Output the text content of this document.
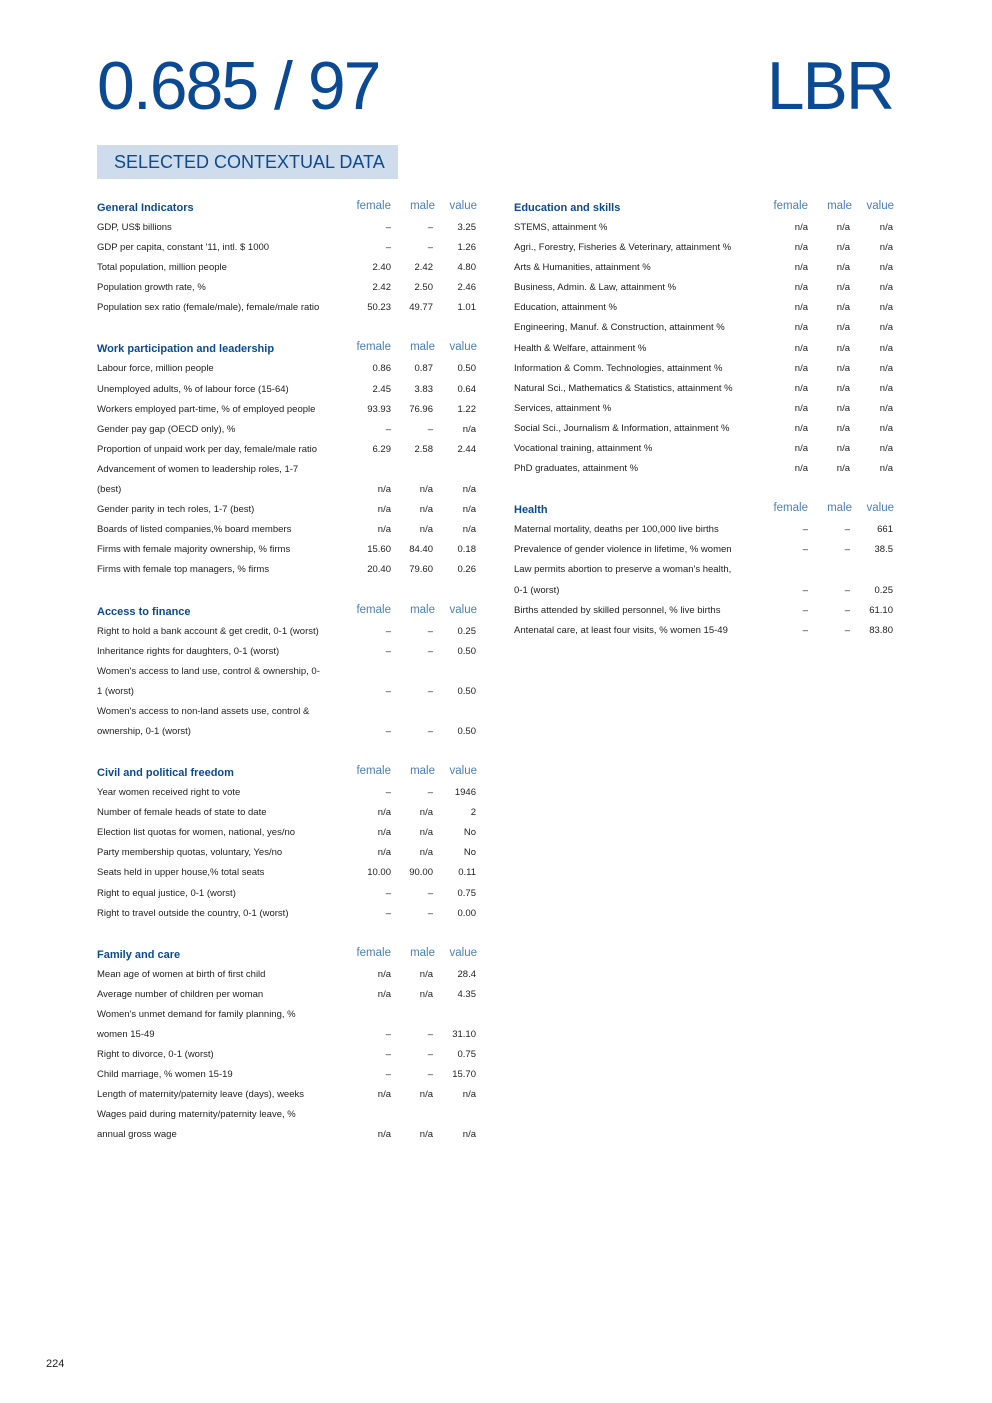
0.685 / 97	LBR
SELECTED CONTEXTUAL DATA
General Indicators	female male value
GDP, US$ billions	–	–	3.25
GDP per capita, constant '11, intl. $ 1000	–	–	1.26
Total population, million people	2.40 2.42	4.80
Population growth rate, %	2.42 2.50	2.46
Population sex ratio (female/male), female/male ratio	50.23 49.77	1.01
Work participation and leadership	female male value
Labour force, million people	0.86 0.87	0.50
Unemployed adults, % of labour force (15-64)	2.45 3.83	0.64
Workers employed part-time, % of employed people	93.93 76.96	1.22
Gender pay gap (OECD only), %	–	–	n/a
Proportion of unpaid work per day, female/male ratio	6.29 2.58	2.44
Advancement of women to leadership roles, 1-7
(best)	n/a	n/a	n/a
Gender parity in tech roles, 1-7 (best)	n/a	n/a	n/a
Boards of listed companies,% board members	n/a	n/a	n/a
Firms with female majority ownership, % firms	15.60 84.40	0.18
Firms with female top managers, % firms	20.40 79.60	0.26
Access to finance	female male value
Right to hold a bank account & get credit, 0-1 (worst)	–	–	0.25
Inheritance rights for daughters, 0-1 (worst)	–	–	0.50
Women's access to land use, control & ownership, 0-
1 (worst)	–	–	0.50
Women's access to non-land assets use, control &
ownership, 0-1 (worst)	–	–	0.50
Civil and political freedom	female male value
Year women received right to vote	–	– 1946
Number of female heads of state to date	n/a	n/a	2
Election list quotas for women, national, yes/no	n/a	n/a	No
Party membership quotas, voluntary, Yes/no	n/a	n/a	No
Seats held in upper house,% total seats	10.00 90.00	0.11
Right to equal justice, 0-1 (worst)	–	–	0.75
Right to travel outside the country, 0-1 (worst)	–	–	0.00
Family and care	female male value
Mean age of women at birth of first child	n/a	n/a	28.4
Average number of children per woman	n/a	n/a	4.35
Women's unmet demand for family planning, %
women 15-49	–	– 31.10
Right to divorce, 0-1 (worst)	–	–	0.75
Child marriage, % women 15-19	–	– 15.70
Length of maternity/paternity leave (days), weeks	n/a	n/a	n/a
Wages paid during maternity/paternity leave, %
annual gross wage	n/a	n/a	n/a
Education and skills	female male value
STEMS, attainment %	n/a	n/a	n/a
Agri., Forestry, Fisheries & Veterinary, attainment %	n/a	n/a	n/a
Arts & Humanities, attainment %	n/a	n/a	n/a
Business, Admin. & Law, attainment %	n/a	n/a	n/a
Education, attainment %	n/a	n/a	n/a
Engineering, Manuf. & Construction, attainment %	n/a	n/a	n/a
Health & Welfare, attainment %	n/a	n/a	n/a
Information & Comm. Technologies, attainment %	n/a	n/a	n/a
Natural Sci., Mathematics & Statistics, attainment %	n/a	n/a	n/a
Services, attainment %	n/a	n/a	n/a
Social Sci., Journalism & Information, attainment %	n/a	n/a	n/a
Vocational training, attainment %	n/a	n/a	n/a
PhD graduates, attainment %	n/a	n/a	n/a
Health	female male value
Maternal mortality, deaths per 100,000 live births	–	–	661
Prevalence of gender violence in lifetime, % women	–	–	38.5
Law permits abortion to preserve a woman's health,
0-1 (worst)	–	–	0.25
Births attended by skilled personnel, % live births	–	– 61.10
Antenatal care, at least four visits, % women 15-49	–	– 83.80
224
